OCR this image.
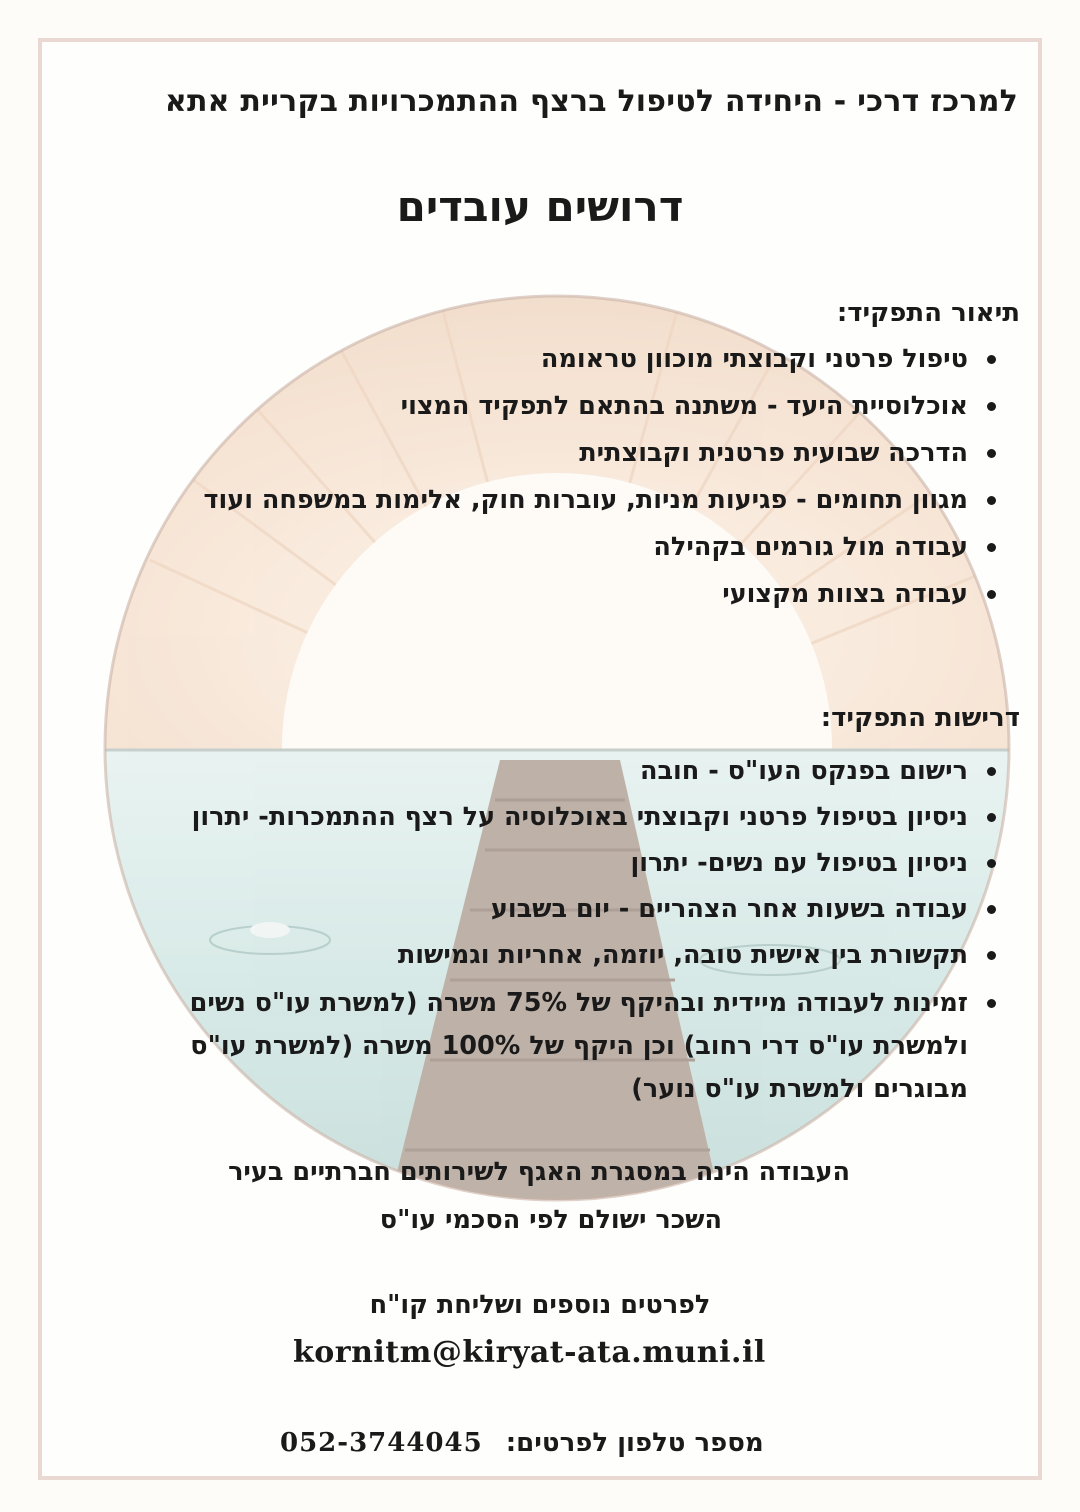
למרכז דרכי - היחידה לטיפול ברצף ההתמכרויות בקריית אתא
דרושים עובדים
תיאור התפקיד:
טיפול פרטני וקבוצתי מוכוון טראומה
אוכלוסיית היעד - משתנה בהתאם לתפקיד המצוי
הדרכה שבועית פרטנית וקבוצתית
מגוון תחומים - פגיעות מניות, עוברות חוק, אלימות במשפחה ועוד
עבודה מול גורמים בקהילה
עבודה בצוות מקצועי
דרישות התפקיד:
רישום בפנקס העו"ס - חובה
ניסיון בטיפול פרטני וקבוצתי באוכלוסיה על רצף ההתמכרות- יתרון
ניסיון בטיפול עם נשים- יתרון
עבודה בשעות אחר הצהריים - יום בשבוע
תקשורת בין אישית טובה, יוזמה, אחריות וגמישות
זמינות לעבודה מיידית ובהיקף של 75% משרה (למשרת עו"ס נשים ולמשרת עו"ס דרי רחוב) וכן היקף של 100% משרה (למשרת עו"ס מבוגרים ולמשרת עו"ס נוער)
העבודה הינה במסגרת האגף לשירותים חברתיים בעיר
השכר ישולם לפי הסכמי עו"ס
לפרטים נוספים ושליחת קו"ח
kornitm@kiryat-ata.muni.il
052-3744045 מספר טלפון לפרטים:
